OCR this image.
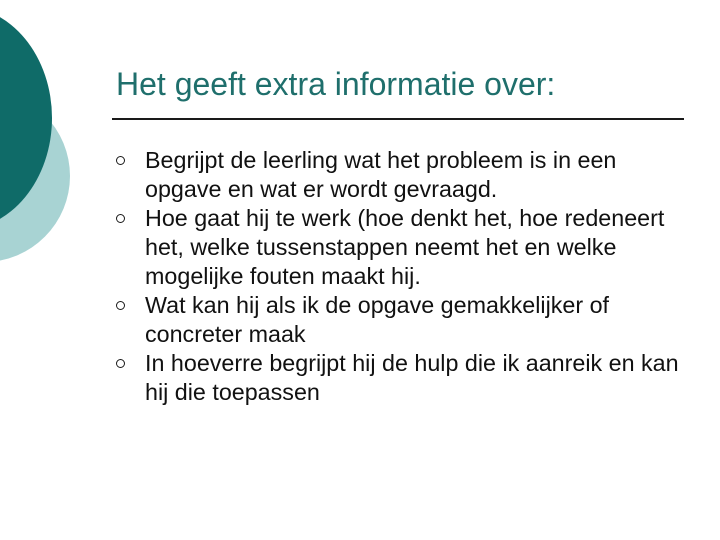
Het geeft extra informatie over:
Begrijpt de leerling wat het probleem is in een opgave en wat er wordt gevraagd.
Hoe gaat hij te werk (hoe denkt het, hoe redeneert het, welke tussenstappen neemt het en welke mogelijke fouten maakt hij.
Wat kan hij als ik de opgave gemakkelijker of concreter maak
In hoeverre begrijpt hij de hulp die ik aanreik en kan hij die toepassen
